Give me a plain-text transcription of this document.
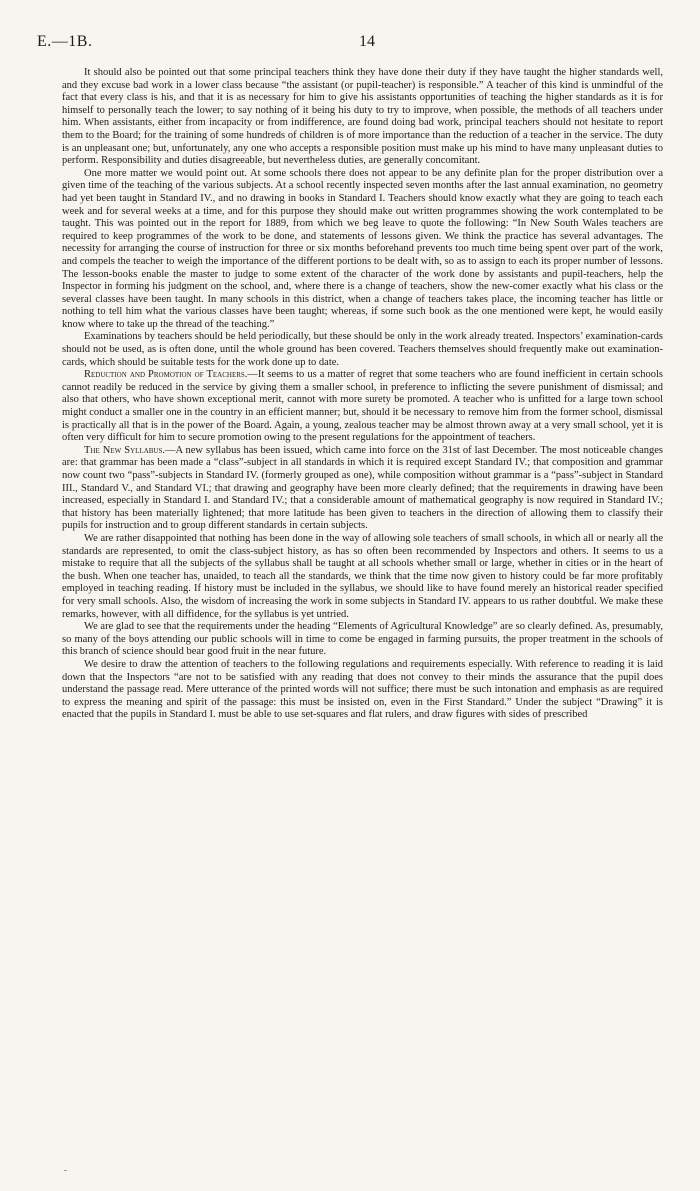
E.—1B.	14

It should also be pointed out that some principal teachers think they have done their duty if they have taught the higher standards well, and they excuse bad work in a lower class because “the assistant (or pupil-teacher) is responsible.” A teacher of this kind is unmindful of the fact that every class is his, and that it is as necessary for him to give his assistants opportunities of teaching the higher standards as it is for himself to personally teach the lower; to say nothing of it being his duty to try to improve, when possible, the methods of all teachers under him. When assistants, either from incapacity or from indifference, are found doing bad work, principal teachers should not hesitate to report them to the Board; for the training of some hundreds of children is of more importance than the reduction of a teacher in the service. The duty is an unpleasant one; but, unfortunately, any one who accepts a responsible position must make up his mind to have many unpleasant duties to perform. Responsibility and duties disagreeable, but nevertheless duties, are generally concomitant.

One more matter we would point out. At some schools there does not appear to be any definite plan for the proper distribution over a given time of the teaching of the various subjects. At a school recently inspected seven months after the last annual examination, no geometry had yet been taught in Standard IV., and no drawing in books in Standard I. Teachers should know exactly what they are going to teach each week and for several weeks at a time, and for this purpose they should make out written programmes showing the work contemplated to be taught. This was pointed out in the report for 1889, from which we beg leave to quote the following: “In New South Wales teachers are required to keep programmes of the work to be done, and statements of lessons given. We think the practice has several advantages. The necessity for arranging the course of instruction for three or six months beforehand prevents too much time being spent over part of the work, and compels the teacher to weigh the importance of the different portions to be dealt with, so as to assign to each its proper number of lessons. The lesson-books enable the master to judge to some extent of the character of the work done by assistants and pupil-teachers, help the Inspector in forming his judgment on the school, and, where there is a change of teachers, show the new-comer exactly what his class or the several classes have been taught. In many schools in this district, when a change of teachers takes place, the incoming teacher has little or nothing to tell him what the various classes have been taught; whereas, if some such book as the one mentioned were kept, he would easily know where to take up the thread of the teaching.”

Examinations by teachers should be held periodically, but these should be only in the work already treated. Inspectors’ examination-cards should not be used, as is often done, until the whole ground has been covered. Teachers themselves should frequently make out examination-cards, which should be suitable tests for the work done up to date.

Reduction and Promotion of Teachers.—It seems to us a matter of regret that some teachers who are found inefficient in certain schools cannot readily be reduced in the service by giving them a smaller school, in preference to inflicting the severe punishment of dismissal; and also that others, who have shown exceptional merit, cannot with more surety be promoted. A teacher who is unfitted for a large town school might conduct a smaller one in the country in an efficient manner; but, should it be necessary to remove him from the former school, dismissal is practically all that is in the power of the Board. Again, a young, zealous teacher may be almost thrown away at a very small school, yet it is often very difficult for him to secure promotion owing to the present regulations for the appointment of teachers.

The New Syllabus.—A new syllabus has been issued, which came into force on the 31st of last December. The most noticeable changes are: that grammar has been made a “class”-subject in all standards in which it is required except Standard IV.; that composition and grammar now count two “pass”-subjects in Standard IV. (formerly grouped as one), while composition without grammar is a “pass”-subject in Standard III., Standard V., and Standard VI.; that drawing and geography have been more clearly defined; that the requirements in drawing have been increased, especially in Standard I. and Standard IV.; that a considerable amount of mathematical geography is now required in Standard IV.; that history has been materially lightened; that more latitude has been given to teachers in the direction of allowing them to classify their pupils for instruction and to group different standards in certain subjects.

We are rather disappointed that nothing has been done in the way of allowing sole teachers of small schools, in which all or nearly all the standards are represented, to omit the class-subject history, as has so often been recommended by Inspectors and others. It seems to us a mistake to require that all the subjects of the syllabus shall be taught at all schools whether small or large, whether in cities or in the heart of the bush. When one teacher has, unaided, to teach all the standards, we think that the time now given to history could be far more profitably employed in teaching reading. If history must be included in the syllabus, we should like to have found merely an historical reader specified for very small schools. Also, the wisdom of increasing the work in some subjects in Standard IV. appears to us rather doubtful. We make these remarks, however, with all diffidence, for the syllabus is yet untried.

We are glad to see that the requirements under the heading “Elements of Agricultural Knowledge” are so clearly defined. As, presumably, so many of the boys attending our public schools will in time to come be engaged in farming pursuits, the proper treatment in the schools of this branch of science should bear good fruit in the near future.

We desire to draw the attention of teachers to the following regulations and requirements especially. With reference to reading it is laid down that the Inspectors “are not to be satisfied with any reading that does not convey to their minds the assurance that the pupil does understand the passage read. Mere utterance of the printed words will not suffice; there must be such intonation and emphasis as are required to express the meaning and spirit of the passage: this must be insisted on, even in the First Standard.” Under the subject “Drawing” it is enacted that the pupils in Standard I. must be able to use set-squares and flat rulers, and draw figures with sides of prescribed
